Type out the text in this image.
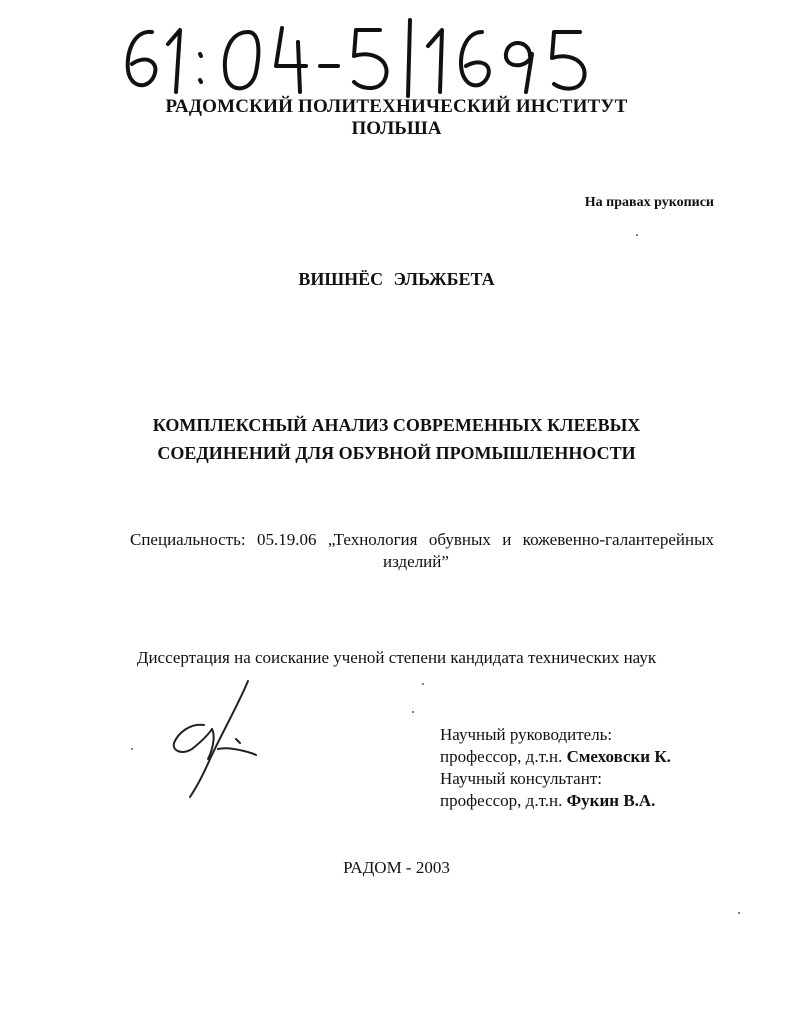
РАДОМСКИЙ ПОЛИТЕХНИЧЕСКИЙ ИНСТИТУТ
ПОЛЬША
На правах рукописи
ВИШНЁС ЭЛЬЖБЕТА
КОМПЛЕКСНЫЙ АНАЛИЗ СОВРЕМЕННЫХ КЛЕЕВЫХ
СОЕДИНЕНИЙ ДЛЯ ОБУВНОЙ ПРОМЫШЛЕННОСТИ
Специальность: 05.19.06 „Технология обувных и кожевенно-галантерейных
изделий”
Диссертация на соискание ученой степени кандидата технических наук
Научный руководитель:
профессор, д.т.н. Смеховски К.
Научный консультант:
профессор, д.т.н. Фукин В.А.
РАДОМ - 2003
